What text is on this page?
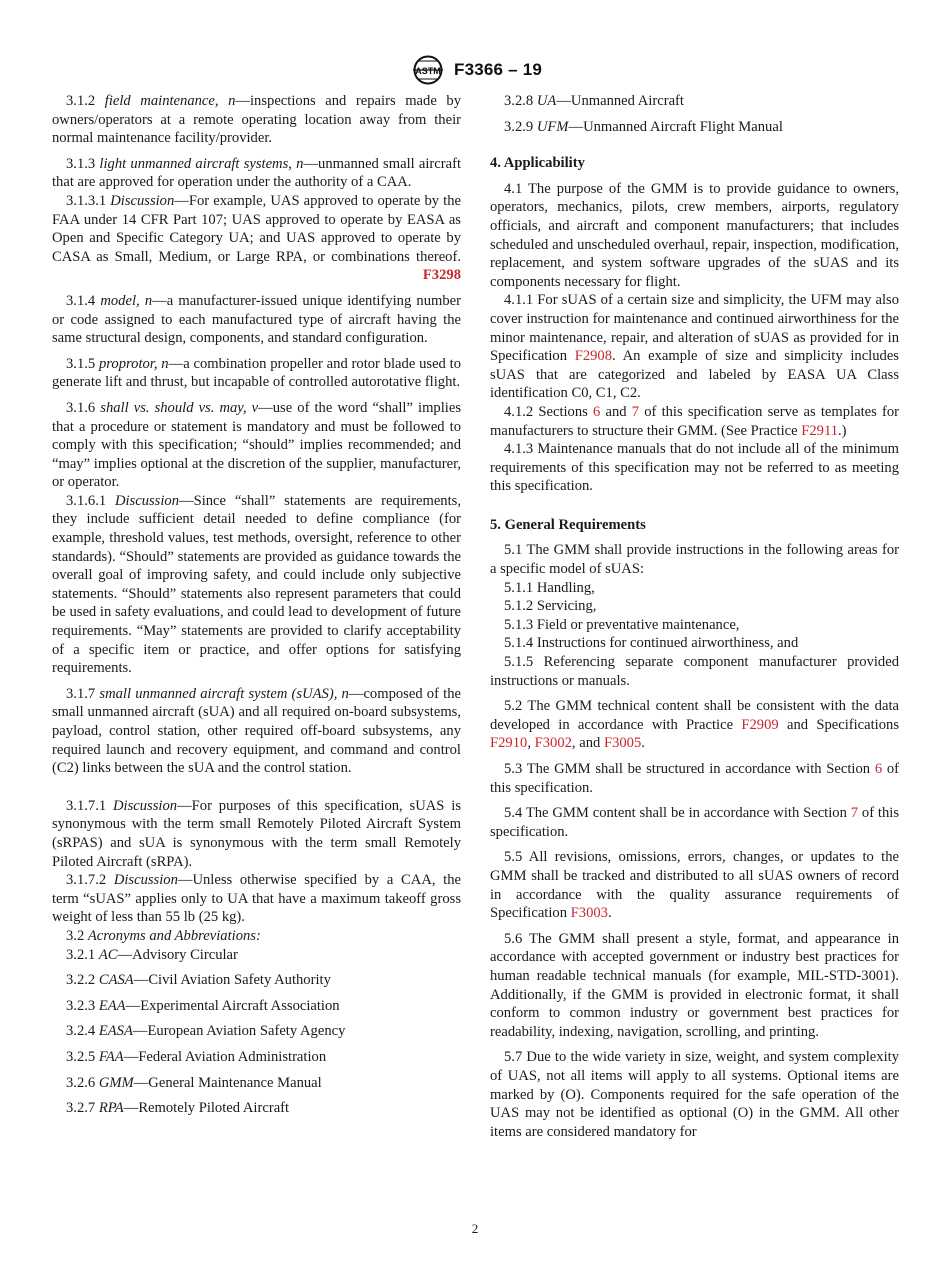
ASTM F3366 – 19
3.1.2 field maintenance, n—inspections and repairs made by owners/operators at a remote operating location away from their normal maintenance facility/provider.
3.1.3 light unmanned aircraft systems, n—unmanned small aircraft that are approved for operation under the authority of a CAA.
3.1.3.1 Discussion—For example, UAS approved to operate by the FAA under 14 CFR Part 107; UAS approved to operate by EASA as Open and Specific Category UA; and UAS approved to operate by CASA as Small, Medium, or Large RPA, or combinations thereof. F3298
3.1.4 model, n—a manufacturer-issued unique identifying number or code assigned to each manufactured type of aircraft having the same structural design, components, and standard configuration.
3.1.5 proprotor, n—a combination propeller and rotor blade used to generate lift and thrust, but incapable of controlled autorotative flight.
3.1.6 shall vs. should vs. may, v—use of the word “shall” implies that a procedure or statement is mandatory and must be followed to comply with this specification; “should” implies recommended; and “may” implies optional at the discretion of the supplier, manufacturer, or operator.
3.1.6.1 Discussion—Since “shall” statements are requirements, they include sufficient detail needed to define compliance (for example, threshold values, test methods, oversight, reference to other standards). “Should” statements are provided as guidance towards the overall goal of improving safety, and could include only subjective statements. “Should” statements also represent parameters that could be used in safety evaluations, and could lead to development of future requirements. “May” statements are provided to clarify acceptability of a specific item or practice, and offer options for satisfying requirements.
3.1.7 small unmanned aircraft system (sUAS), n—composed of the small unmanned aircraft (sUA) and all required on-board subsystems, payload, control station, other required off-board subsystems, any required launch and recovery equipment, and command and control (C2) links between the sUA and the control station.
3.1.7.1 Discussion—For purposes of this specification, sUAS is synonymous with the term small Remotely Piloted Aircraft System (sRPAS) and sUA is synonymous with the term small Remotely Piloted Aircraft (sRPA).
3.1.7.2 Discussion—Unless otherwise specified by a CAA, the term “sUAS” applies only to UA that have a maximum takeoff gross weight of less than 55 lb (25 kg).
3.2 Acronyms and Abbreviations:
3.2.1 AC—Advisory Circular
3.2.2 CASA—Civil Aviation Safety Authority
3.2.3 EAA—Experimental Aircraft Association
3.2.4 EASA—European Aviation Safety Agency
3.2.5 FAA—Federal Aviation Administration
3.2.6 GMM—General Maintenance Manual
3.2.7 RPA—Remotely Piloted Aircraft
3.2.8 UA—Unmanned Aircraft
3.2.9 UFM—Unmanned Aircraft Flight Manual
4. Applicability
4.1 The purpose of the GMM is to provide guidance to owners, operators, mechanics, pilots, crew members, airports, regulatory officials, and aircraft and component manufacturers; that includes scheduled and unscheduled overhaul, repair, inspection, modification, replacement, and system software upgrades of the sUAS and its components necessary for flight.
4.1.1 For sUAS of a certain size and simplicity, the UFM may also cover instruction for maintenance and continued airworthiness for the minor maintenance, repair, and alteration of sUAS as provided for in Specification F2908. An example of size and simplicity includes sUAS that are categorized and labeled by EASA UA Class identification C0, C1, C2.
4.1.2 Sections 6 and 7 of this specification serve as templates for manufacturers to structure their GMM. (See Practice F2911.)
4.1.3 Maintenance manuals that do not include all of the minimum requirements of this specification may not be referred to as meeting this specification.
5. General Requirements
5.1 The GMM shall provide instructions in the following areas for a specific model of sUAS:
5.1.1 Handling,
5.1.2 Servicing,
5.1.3 Field or preventative maintenance,
5.1.4 Instructions for continued airworthiness, and
5.1.5 Referencing separate component manufacturer provided instructions or manuals.
5.2 The GMM technical content shall be consistent with the data developed in accordance with Practice F2909 and Specifications F2910, F3002, and F3005.
5.3 The GMM shall be structured in accordance with Section 6 of this specification.
5.4 The GMM content shall be in accordance with Section 7 of this specification.
5.5 All revisions, omissions, errors, changes, or updates to the GMM shall be tracked and distributed to all sUAS owners of record in accordance with the quality assurance requirements of Specification F3003.
5.6 The GMM shall present a style, format, and appearance in accordance with accepted government or industry best practices for human readable technical manuals (for example, MIL-STD-3001). Additionally, if the GMM is provided in electronic format, it shall conform to common industry or government best practices for readability, indexing, navigation, scrolling, and printing.
5.7 Due to the wide variety in size, weight, and system complexity of UAS, not all items will apply to all systems. Optional items are marked by (O). Components required for the safe operation of the UAS may not be identified as optional (O) in the GMM. All other items are considered mandatory for
2
